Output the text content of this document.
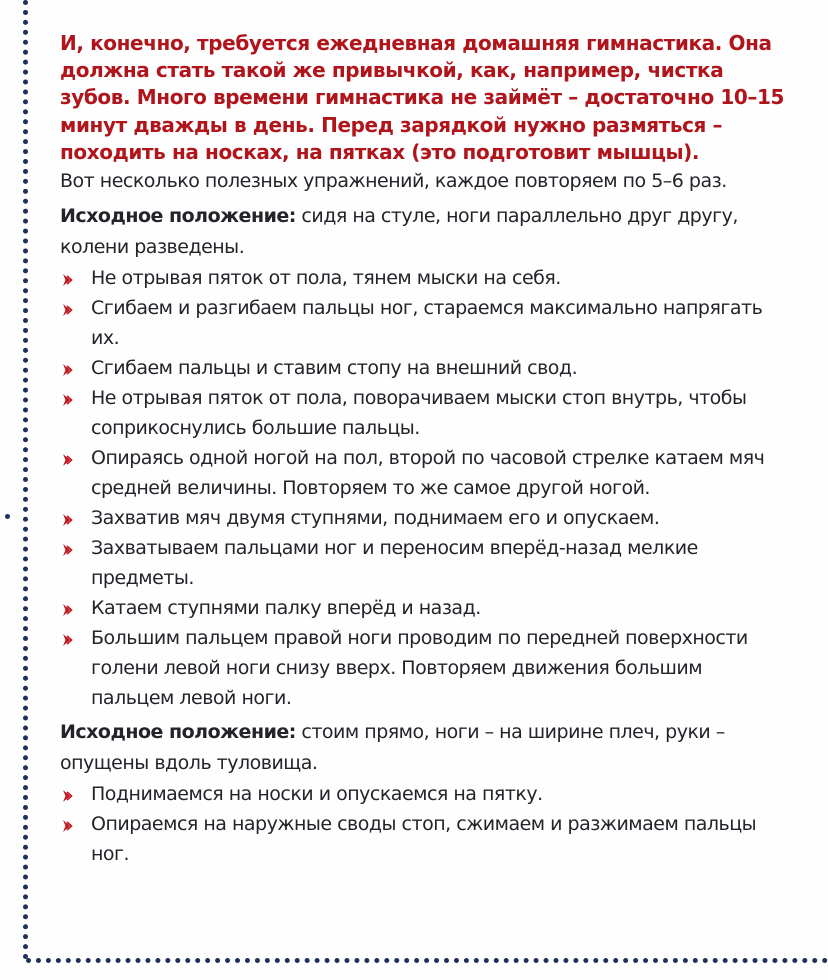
И, конечно, требуется ежедневная домашняя гимнастика. Она должна стать такой же привычкой, как, например, чистка зубов. Много времени гимнастика не займёт – достаточно 10–15 минут дважды в день. Перед зарядкой нужно размяться – походить на носках, на пятках (это подготовит мышцы).

Вот несколько полезных упражнений, каждое повторяем по 5–6 раз.

Исходное положение: сидя на стуле, ноги параллельно друг другу, колени разведены.

Не отрывая пяток от пола, тянем мыски на себя.
Сгибаем и разгибаем пальцы ног, стараемся максимально напрягать их.
Сгибаем пальцы и ставим стопу на внешний свод.
Не отрывая пяток от пола, поворачиваем мыски стоп внутрь, чтобы соприкоснулись большие пальцы.
Опираясь одной ногой на пол, второй по часовой стрелке катаем мяч средней величины. Повторяем то же самое другой ногой.
Захватив мяч двумя ступнями, поднимаем его и опускаем.
Захватываем пальцами ног и переносим вперёд-назад мелкие предметы.
Катаем ступнями палку вперёд и назад.
Большим пальцем правой ноги проводим по передней поверхности голени левой ноги снизу вверх. Повторяем движения большим пальцем левой ноги.

Исходное положение: стоим прямо, ноги – на ширине плеч, руки – опущены вдоль туловища.

Поднимаемся на носки и опускаемся на пятку.
Опираемся на наружные своды стоп, сжимаем и разжимаем пальцы ног.
